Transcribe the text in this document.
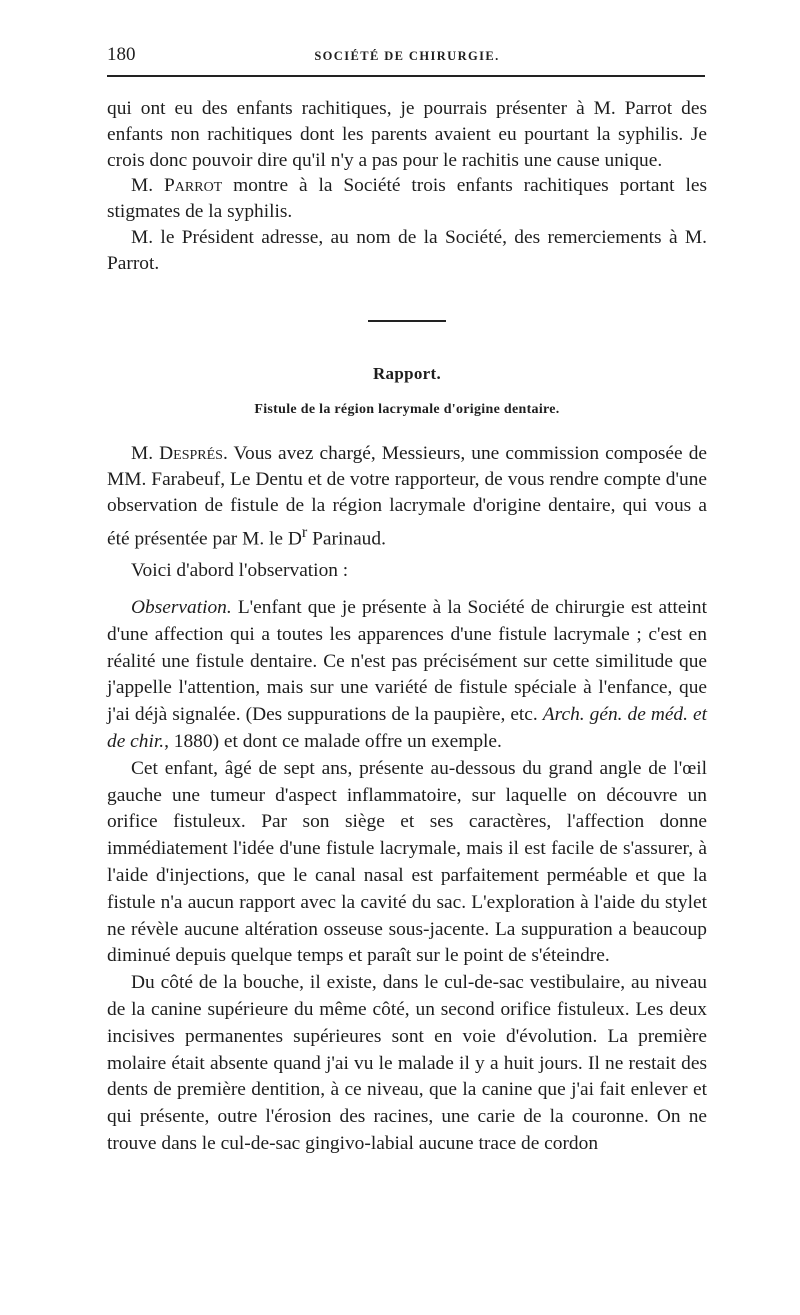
180	SOCIÉTÉ DE CHIRURGIE.

qui ont eu des enfants rachitiques, je pourrais présenter à M. Parrot des enfants non rachitiques dont les parents avaient eu pourtant la syphilis. Je crois donc pouvoir dire qu'il n'y a pas pour le rachitis une cause unique.

M. Parrot montre à la Société trois enfants rachitiques portant les stigmates de la syphilis.

M. le Président adresse, au nom de la Société, des remerciements à M. Parrot.

Rapport.
Fistule de la région lacrymale d'origine dentaire.

M. Després. Vous avez chargé, Messieurs, une commission composée de MM. Farabeuf, Le Dentu et de votre rapporteur, de vous rendre compte d'une observation de fistule de la région lacrymale d'origine dentaire, qui vous a été présentée par M. le $D^r$ Parinaud.

Voici d'abord l'observation :

Observation. L'enfant que je présente à la Société de chirurgie est atteint d'une affection qui a toutes les apparences d'une fistule lacrymale ; c'est en réalité une fistule dentaire. Ce n'est pas précisément sur cette similitude que j'appelle l'attention, mais sur une variété de fistule spéciale à l'enfance, que j'ai déjà signalée. (Des suppurations de la paupière, etc. Arch. gén. de méd. et de chir., 1880) et dont ce malade offre un exemple.

Cet enfant, âgé de sept ans, présente au-dessous du grand angle de l'œil gauche une tumeur d'aspect inflammatoire, sur laquelle on découvre un orifice fistuleux. Par son siège et ses caractères, l'affection donne immédiatement l'idée d'une fistule lacrymale, mais il est facile de s'assurer, à l'aide d'injections, que le canal nasal est parfaitement perméable et que la fistule n'a aucun rapport avec la cavité du sac. L'exploration à l'aide du stylet ne révèle aucune altération osseuse sous-jacente. La suppuration a beaucoup diminué depuis quelque temps et paraît sur le point de s'éteindre.

Du côté de la bouche, il existe, dans le cul-de-sac vestibulaire, au niveau de la canine supérieure du même côté, un second orifice fistuleux. Les deux incisives permanentes supérieures sont en voie d'évolution. La première molaire était absente quand j'ai vu le malade il y a huit jours. Il ne restait des dents de première dentition, à ce niveau, que la canine que j'ai fait enlever et qui présente, outre l'érosion des racines, une carie de la couronne. On ne trouve dans le cul-de-sac gingivo-labial aucune trace de cordon
